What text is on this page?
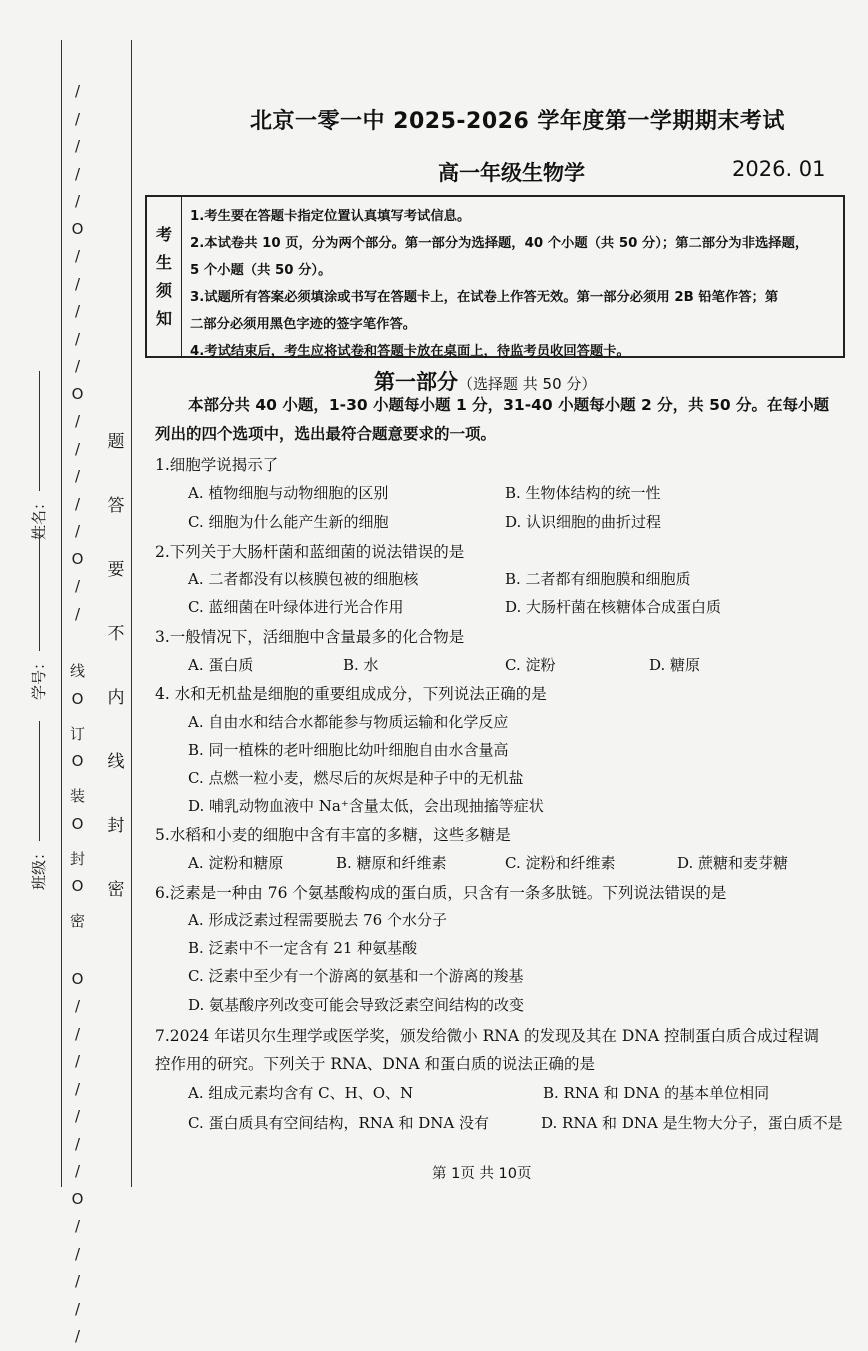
/
/
/
/
/
O
/
/
/
/
/
O
/
/
/
/
/
O
/
/
线
O
订
O
装
O
封
O
密
O
/
/
/
/
/
/
/
O
/
/
/
/
/
题
答
要
不
内
线
封
密
姓名：
学号：
班级：
北京一零一中 2025-2026 学年度第一学期期末考试
高一年级生物学	2026. 01
考
生
须
知

1.考生要在答题卡指定位置认真填写考试信息。

2.本试卷共 10 页，分为两个部分。第一部分为选择题，40 个小题（共 50 分）；第二部分为非选择题，

5 个小题（共 50 分）。

3.试题所有答案必须填涂或书写在答题卡上，在试卷上作答无效。第一部分必须用 2B 铅笔作答；第

二部分必须用黑色字迹的签字笔作答。

4.考试结束后，考生应将试卷和答题卡放在桌面上，待监考员收回答题卡。

第一部分（选择题 共 50 分）
本部分共 40 小题，1-30 小题每小题 1 分，31-40 小题每小题 2 分，共 50 分。在每小题
列出的四个选项中，选出最符合题意要求的一项。
1.细胞学说揭示了
A. 植物细胞与动物细胞的区别	B. 生物体结构的统一性
C. 细胞为什么能产生新的细胞	D. 认识细胞的曲折过程
2.下列关于大肠杆菌和蓝细菌的说法错误的是
A. 二者都没有以核膜包被的细胞核	B. 二者都有细胞膜和细胞质
C. 蓝细菌在叶绿体进行光合作用	D. 大肠杆菌在核糖体合成蛋白质
3.一般情况下，活细胞中含量最多的化合物是
A. 蛋白质	B. 水	C. 淀粉	D. 糖原
4. 水和无机盐是细胞的重要组成成分，下列说法正确的是
A. 自由水和结合水都能参与物质运输和化学反应
B. 同一植株的老叶细胞比幼叶细胞自由水含量高
C. 点燃一粒小麦，燃尽后的灰烬是种子中的无机盐
D. 哺乳动物血液中 Na⁺含量太低，会出现抽搐等症状
5.水稻和小麦的细胞中含有丰富的多糖，这些多糖是
A. 淀粉和糖原	B. 糖原和纤维素	C. 淀粉和纤维素	D. 蔗糖和麦芽糖
6.泛素是一种由 76 个氨基酸构成的蛋白质，只含有一条多肽链。下列说法错误的是
A. 形成泛素过程需要脱去 76 个水分子
B. 泛素中不一定含有 21 种氨基酸
C. 泛素中至少有一个游离的氨基和一个游离的羧基
D. 氨基酸序列改变可能会导致泛素空间结构的改变
7.2024 年诺贝尔生理学或医学奖，颁发给微小 RNA 的发现及其在 DNA 控制蛋白质合成过程调
控作用的研究。下列关于 RNA、DNA 和蛋白质的说法正确的是
A. 组成元素均含有 C、H、O、N	B. RNA 和 DNA 的基本单位相同
C. 蛋白质具有空间结构，RNA 和 DNA 没有	D. RNA 和 DNA 是生物大分子，蛋白质不是
第 1页 共 10页
